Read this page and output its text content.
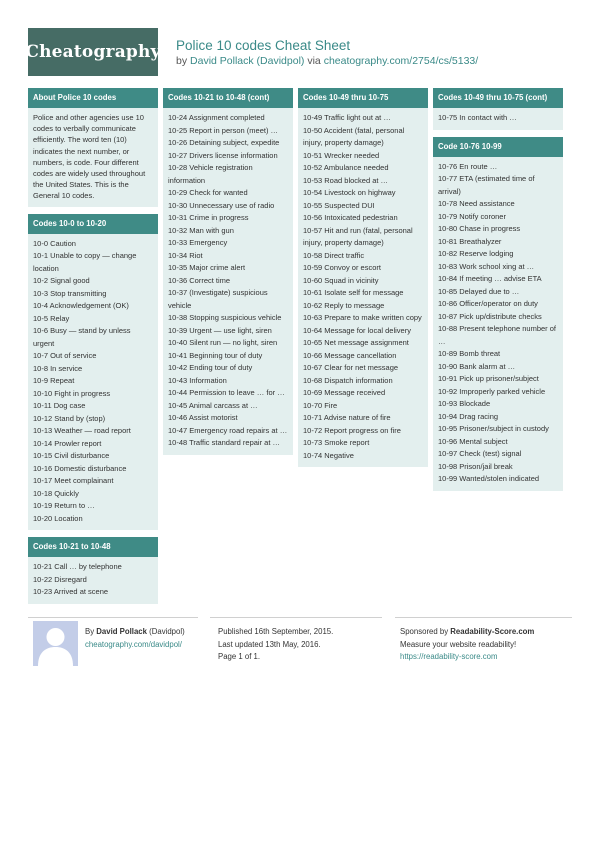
Cheatography Police 10 codes Cheat Sheet
by David Pollack (Davidpol) via cheatography.com/2754/cs/5133/
About Police 10 codes

Police and other agencies use 10 codes to verbally communicate efficiently. The word ten (10) indicates the next number, or numbers, is code. Four different codes are widely used throughout the United States. This is the General 10 codes.

Codes 10-0 to 10-20
10-0 Caution
10-1 Unable to copy — change location
10-2 Signal good
10-3 Stop transmitting
10-4 Acknowledgement (OK)
10-5 Relay
10-6 Busy — stand by unless urgent
10-7 Out of service
10-8 In service
10-9 Repeat
10-10 Fight in progress
10-11 Dog case
10-12 Stand by (stop)
10-13 Weather — road report
10-14 Prowler report
10-15 Civil disturbance
10-16 Domestic disturbance
10-17 Meet complainant
10-18 Quickly
10-19 Return to …
10-20 Location
Codes 10-21 to 10-48
10-21 Call … by telephone
10-22 Disregard
10-23 Arrived at scene
Codes 10-21 to 10-48 (cont)
10-24 Assignment completed
10-25 Report in person (meet) …
10-26 Detaining subject, expedite
10-27 Drivers license information
10-28 Vehicle registration information
10-29 Check for wanted
10-30 Unnecessary use of radio
10-31 Crime in progress
10-32 Man with gun
10-33 Emergency
10-34 Riot
10-35 Major crime alert
10-36 Correct time
10-37 (Investigate) suspicious vehicle
10-38 Stopping suspicious vehicle
10-39 Urgent — use light, siren
10-40 Silent run — no light, siren
10-41 Beginning tour of duty
10-42 Ending tour of duty
10-43 Information
10-44 Permission to leave … for …
10-45 Animal carcass at …
10-46 Assist motorist
10-47 Emergency road repairs at …
10-48 Traffic standard repair at …
Codes 10-49 thru 10-75
10-49 Traffic light out at …
10-50 Accident (fatal, personal injury, property damage)
10-51 Wrecker needed
10-52 Ambulance needed
10-53 Road blocked at …
10-54 Livestock on highway
10-55 Suspected DUI
10-56 Intoxicated pedestrian
10-57 Hit and run (fatal, personal injury, property damage)
10-58 Direct traffic
10-59 Convoy or escort
10-60 Squad in vicinity
10-61 Isolate self for message
10-62 Reply to message
10-63 Prepare to make written copy
10-64 Message for local delivery
10-65 Net message assignment
10-66 Message cancellation
10-67 Clear for net message
10-68 Dispatch information
10-69 Message received
10-70 Fire
10-71 Advise nature of fire
10-72 Report progress on fire
10-73 Smoke report
10-74 Negative
Codes 10-49 thru 10-75 (cont)
10-75 In contact with …
Code 10-76 10-99
10-76 En route …
10-77 ETA (estimated time of arrival)
10-78 Need assistance
10-79 Notify coroner
10-80 Chase in progress
10-81 Breathalyzer
10-82 Reserve lodging
10-83 Work school xing at …
10-84 If meeting … advise ETA
10-85 Delayed due to …
10-86 Officer/operator on duty
10-87 Pick up/distribute checks
10-88 Present telephone number of …
10-89 Bomb threat
10-90 Bank alarm at …
10-91 Pick up prisoner/subject
10-92 Improperly parked vehicle
10-93 Blockade
10-94 Drag racing
10-95 Prisoner/subject in custody
10-96 Mental subject
10-97 Check (test) signal
10-98 Prison/jail break
10-99 Wanted/stolen indicated
By David Pollack (Davidpol)
cheatography.com/davidpol/
Published 16th September, 2015.
Last updated 13th May, 2016.
Page 1 of 1.
Sponsored by Readability-Score.com
Measure your website readability!
https://readability-score.com
